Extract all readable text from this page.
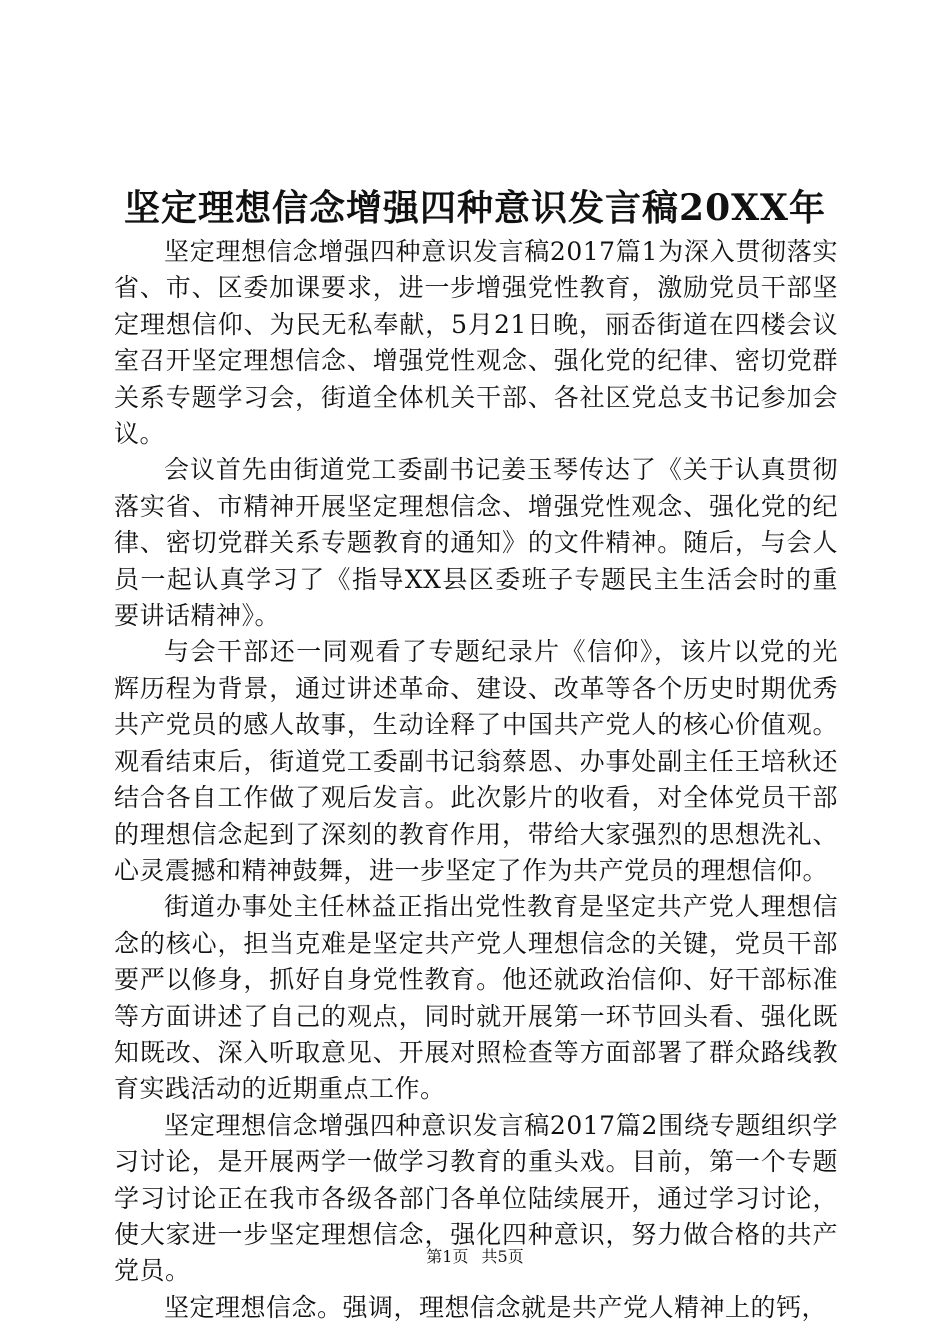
坚定理想信念增强四种意识发言稿20XX年

坚定理想信念增强四种意识发言稿2017篇1为深入贯彻落实省、市、区委加课要求，进一步增强党性教育，激励党员干部坚定理想信仰、为民无私奉献，5月21日晚，丽岙街道在四楼会议室召开坚定理想信念、增强党性观念、强化党的纪律、密切党群关系专题学习会，街道全体机关干部、各社区党总支书记参加会议。

会议首先由街道党工委副书记姜玉琴传达了《关于认真贯彻落实省、市精神开展坚定理想信念、增强党性观念、强化党的纪律、密切党群关系专题教育的通知》的文件精神。随后，与会人员一起认真学习了《指导XX县区委班子专题民主生活会时的重要讲话精神》。

与会干部还一同观看了专题纪录片《信仰》，该片以党的光辉历程为背景，通过讲述革命、建设、改革等各个历史时期优秀共产党员的感人故事，生动诠释了中国共产党人的核心价值观。观看结束后，街道党工委副书记翁蔡恩、办事处副主任王培秋还结合各自工作做了观后发言。此次影片的收看，对全体党员干部的理想信念起到了深刻的教育作用，带给大家强烈的思想洗礼、心灵震撼和精神鼓舞，进一步坚定了作为共产党员的理想信仰。

街道办事处主任林益正指出党性教育是坚定共产党人理想信念的核心，担当克难是坚定共产党人理想信念的关键，党员干部要严以修身，抓好自身党性教育。他还就政治信仰、好干部标准等方面讲述了自己的观点，同时就开展第一环节回头看、强化既知既改、深入听取意见、开展对照检查等方面部署了群众路线教育实践活动的近期重点工作。

坚定理想信念增强四种意识发言稿2017篇2围绕专题组织学习讨论，是开展两学一做学习教育的重头戏。目前，第一个专题学习讨论正在我市各级各部门各单位陆续展开，通过学习讨论，使大家进一步坚定理想信念，强化四种意识，努力做合格的共产党员。

坚定理想信念。强调，理想信念就是共产党人精神上的钙，

第1页 共5页
